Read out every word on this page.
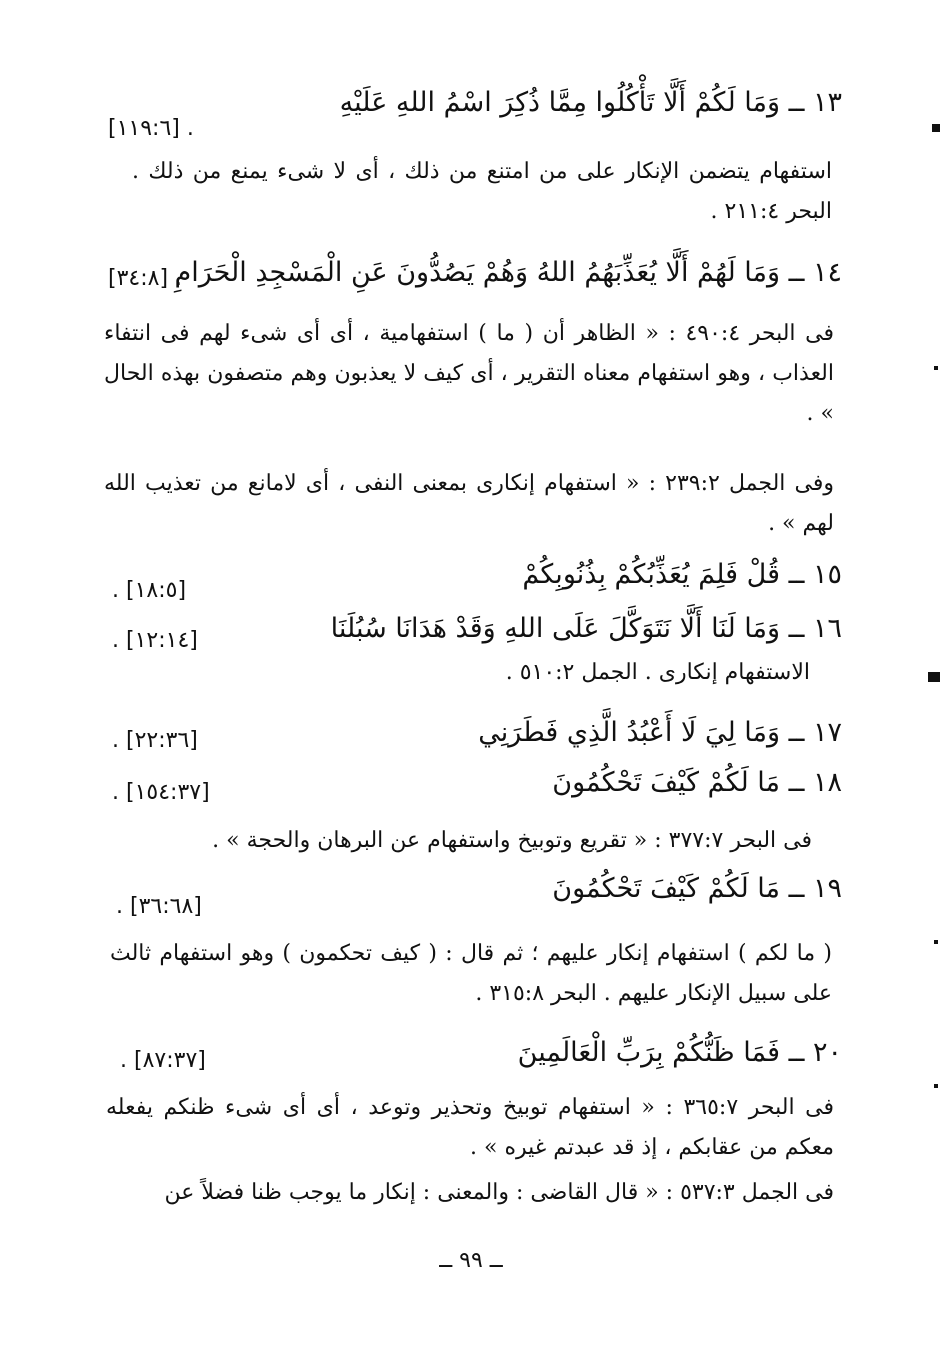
١٣ ــ وَمَا لَكُمْ أَلَّا تَأْكُلُوا مِمَّا ذُكِرَ اسْمُ اللهِ عَلَيْهِ
[١١٩:٦] .
استفهام يتضمن الإنكار على من امتنع من ذلك ، أى لا شىء يمنع من ذلك . البحر ٢١١:٤ .
١٤ ــ وَمَا لَهُمْ أَلَّا يُعَذِّبَهُمُ اللهُ وَهُمْ يَصُدُّونَ عَنِ الْمَسْجِدِ الْحَرَامِ
[٣٤:٨] .
فى البحر ٤٩٠:٤ : « الظاهر أن ( ما ) استفهامية ، أى أى شىء لهم فى انتفاء العذاب ، وهو استفهام معناه التقرير ، أى كيف لا يعذبون وهم متصفون بهذه الحال » .
وفى الجمل ٢٣٩:٢ : « استفهام إنكارى بمعنى النفى ، أى لامانع من تعذيب الله لهم » .
١٥ ــ قُلْ فَلِمَ يُعَذِّبُكُمْ بِذُنُوبِكُمْ
. [١٨:٥]
١٦ ــ وَمَا لَنَا أَلَّا نَتَوَكَّلَ عَلَى اللهِ وَقَدْ هَدَانَا سُبُلَنَا
. [١٢:١٤]
الاستفهام إنكارى . الجمل ٥١٠:٢ .
١٧ ــ وَمَا لِيَ لَا أَعْبُدُ الَّذِي فَطَرَنِي
. [٢٢:٣٦]
١٨ ــ مَا لَكُمْ كَيْفَ تَحْكُمُونَ
. [١٥٤:٣٧]
فى البحر ٣٧٧:٧ : « تقريع وتوبيخ واستفهام عن البرهان والحجة » .
١٩ ــ مَا لَكُمْ كَيْفَ تَحْكُمُونَ
. [٣٦:٦٨]
( ما لكم ) استفهام إنكار عليهم ؛ ثم قال : ( كيف تحكمون ) وهو استفهام ثالث على سبيل الإنكار عليهم . البحر ٣١٥:٨ .
٢٠ ــ فَمَا ظَنُّكُمْ بِرَبِّ الْعَالَمِينَ
. [٨٧:٣٧]
فى البحر ٣٦٥:٧ : « استفهام توبيخ وتحذير وتوعد ، أى أى شىء ظنكم يفعله معكم من عقابكم ، إذ قد عبدتم غيره » .
فى الجمل ٥٣٧:٣ : « قال القاضى : والمعنى : إنكار ما يوجب ظنا فضلاً عن
ــ ٩٩ ــ
